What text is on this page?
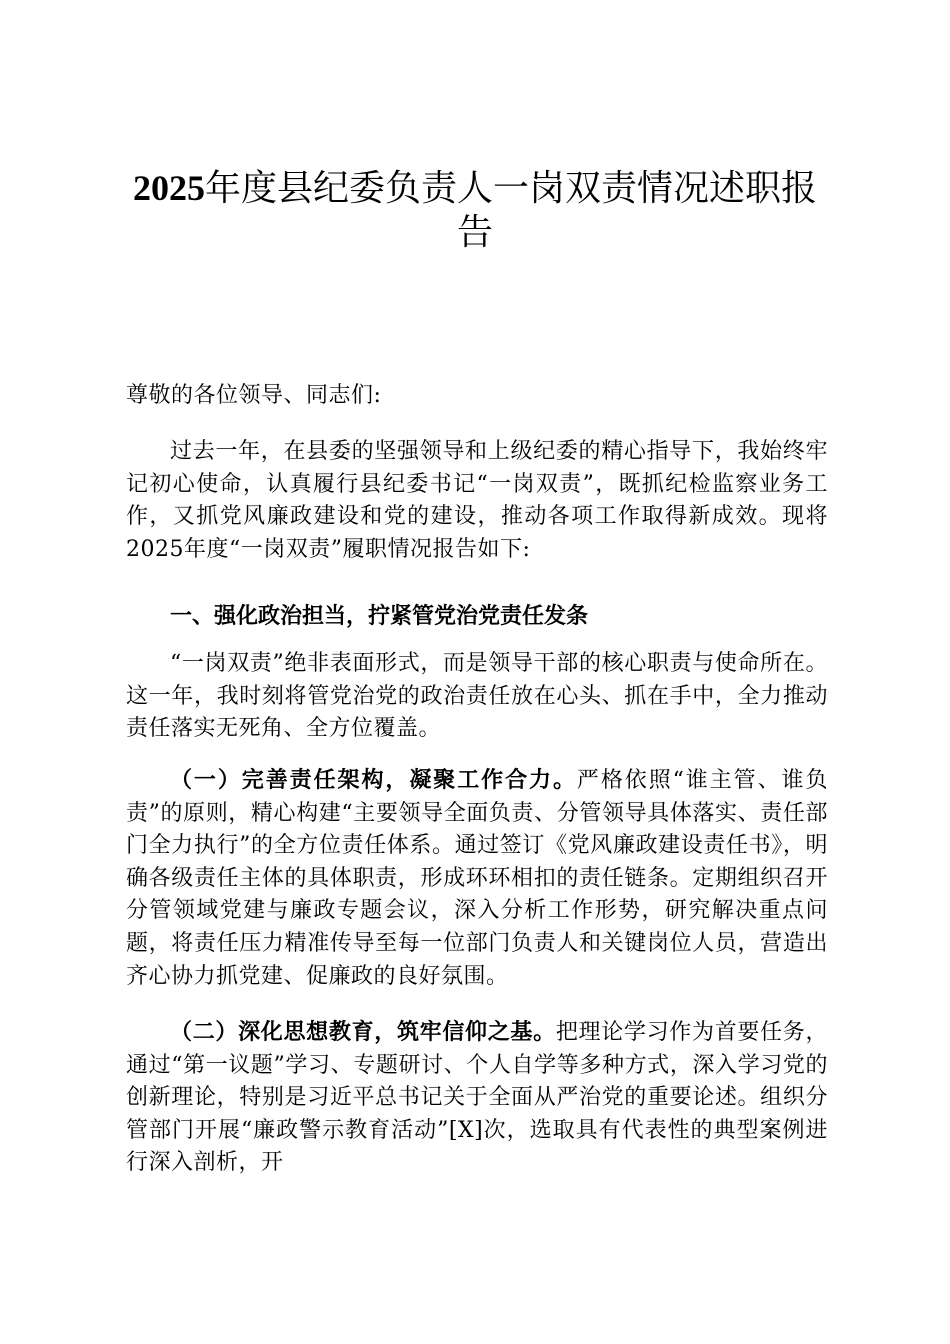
2025年度县纪委负责人一岗双责情况述职报告

尊敬的各位领导、同志们:

过去一年，在县委的坚强领导和上级纪委的精心指导下，我始终牢记初心使命，认真履行县纪委书记“一岗双责”，既抓纪检监察业务工作，又抓党风廉政建设和党的建设，推动各项工作取得新成效。现将2025年度“一岗双责”履职情况报告如下:

一、强化政治担当，拧紧管党治党责任发条

“一岗双责”绝非表面形式，而是领导干部的核心职责与使命所在。这一年，我时刻将管党治党的政治责任放在心头、抓在手中，全力推动责任落实无死角、全方位覆盖。

（一）完善责任架构，凝聚工作合力。严格依照“谁主管、谁负责”的原则，精心构建“主要领导全面负责、分管领导具体落实、责任部门全力执行”的全方位责任体系。通过签订《党风廉政建设责任书》，明确各级责任主体的具体职责，形成环环相扣的责任链条。定期组织召开分管领域党建与廉政专题会议，深入分析工作形势，研究解决重点问题，将责任压力精准传导至每一位部门负责人和关键岗位人员，营造出齐心协力抓党建、促廉政的良好氛围。

（二）深化思想教育，筑牢信仰之基。把理论学习作为首要任务，通过“第一议题”学习、专题研讨、个人自学等多种方式，深入学习党的创新理论，特别是习近平总书记关于全面从严治党的重要论述。组织分管部门开展“廉政警示教育活动”[X]次，选取具有代表性的典型案例进行深入剖析，开
